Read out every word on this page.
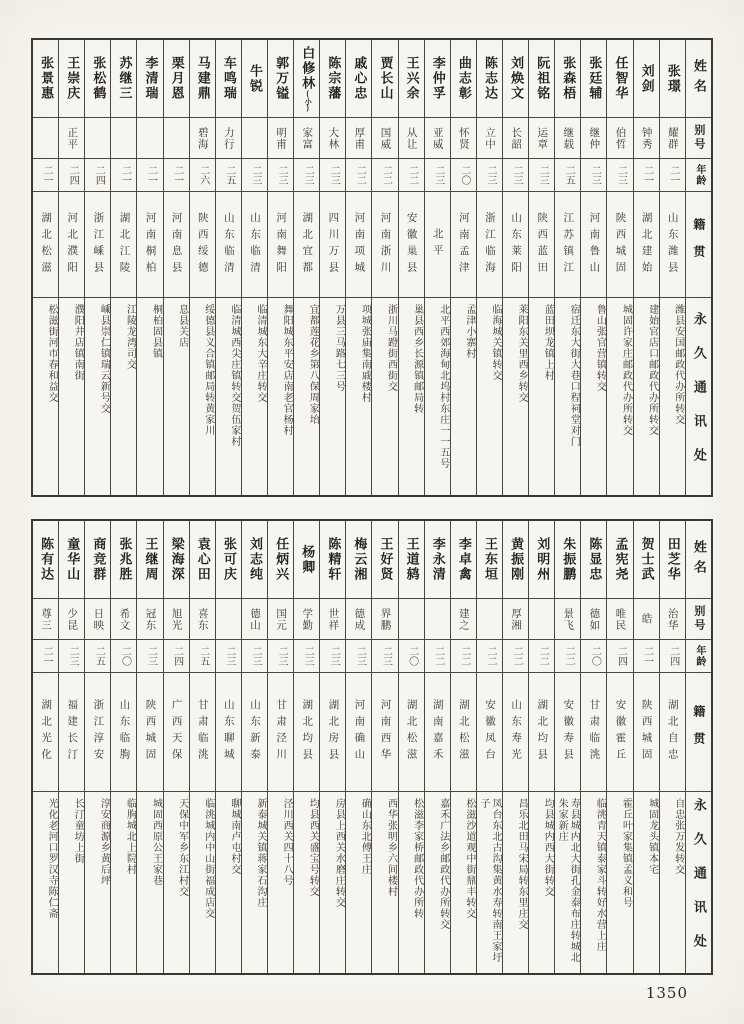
张景惠
二一
湖北松滋
松滋街河市春和益交
王崇庆
正平
二四
河北濮阳
濮阳井店镇南街
张松鹤
二四
浙江嵊县
嵊县崇仁镇瑞云新号交
苏继三
二一
湖北江陵
江陵龙湾司交
李清瑞
二一
河南桐柏
桐柏固县镇
栗月恩
二一
河南息县
息县关店
马建鼎
碧海
二六
陕西绥德
绥德县义合镇邮局转黄家川
车鸣瑞
力行
二五
山东临清
临清城西尖庄镇转交贺伍家村
牛锐
二三
山东临清
临清城东大辛庄转交
郭万镒
明甫
二三
河南舞阳
舞阳城东平安店南老官杨村
白修林(小)
家富
二三
湖北宜都
宜都莲花乡第八保周家坮
陈宗藩
大林
二三
四川万县
万县三马路七三号
戚心忠
厚甫
二二
河南项城
项城张庙集南戚楼村
贾长山
国威
二二
河南浙川
浙川马蹬街西街交
王兴余
从让
二二
安徽巢县
巢县西乡长源镇邮局转
李仲孚
亚威
二三
北平
北平西郊海甸北坞村东庄一一五号
曲志彰
怀贤
二〇
河南孟津
孟津小寨村
陈志达
立中
二三
浙江临海
临海城关镇转交
刘焕文
长韶
二三
山东莱阳
莱阳东关里西乡转交
阮祖铭
运章
二三
陕西蓝田
蓝田坝龙镇上村
张森梧
继载
二五
江苏镇江
宿迁东大街大巷口程祠堂对门
张廷辅
继仲
二三
河南鲁山
鲁山张官营镇转交
任智华
伯哲
二三
陕西城固
城固许家庄邮政代办所转交
刘剑
钟秀
二一
湖北建始
建始官店口邮政代办所转交
张璟
耀群
二一
山东潍县
潍县安国邮政代办所转交
姓名
别号
年龄
籍贯
永久通讯处
陈有达
尊三
二一
湖北光化
光化老河口罗汉寺陈仁斋
童华山
少昆
二三
福建长汀
长汀童坊上街
商竞群
日映
二五
浙江淳安
淳安商源乡黄后坪
张兆胜
希文
二〇
山东临朐
临朐城北上院村
王继周
冠东
二三
陕西城固
城固西原公王家巷
梁海深
旭光
二四
广西天保
天保中军乡东江村交
袁心田
喜东
二五
甘肃临洮
临洮城内中山街福成店交
张可庆
二三
山东聊城
聊城南卢屯村交
刘志纯
德山
二三
山东新泰
新泰城关镇蒋家石沟庄
任炳兴
国元
二三
甘肃泾川
泾川西关四十八号
杨卿
学勤
二三
湖北均县
均县西关盛宝号转交
陈精轩
世祥
二三
湖北房县
房县上西关水磨庄转交
梅云湘
德成
二三
河南确山
确山东北傅王庄
王好贤
界鹏
二三
河南西华
西华张明乡六间楼村
王道鸫
二〇
湖北松滋
松滋李家桥邮政代办所转
李永清
二二
湖南嘉禾
嘉禾广法乡邮政代办所转交
李卓禽
建之
二二
湖北松滋
松滋沙道观中街鼎丰转交
王东垣
二二
安徽凤台
凤台东北古沟集黄水寿转南王家圩子
黄振刚
厚湘
二二
山东寿光
昌乐北田马宋局转东里庄交
刘明州
二二
湖北均县
均县城内西大街转交
朱振鹏
景飞
二二
安徽寿县
寿县城内北大街孔金泰布庄转城北朱家新庄
陈显忠
德如
二〇
甘肃临洮
临洮青天镇泰家斗转好水营上庄
孟宪尧
唯民
二四
安徽霍丘
霍丘叶家集镇孟义和号
贺士武
皓
二一
陕西城固
城固龙头镇本宅
田芝华
治华
二四
湖北自忠
自忠张万发转交
姓名
别号
年龄
籍贯
永久通讯处
1350
